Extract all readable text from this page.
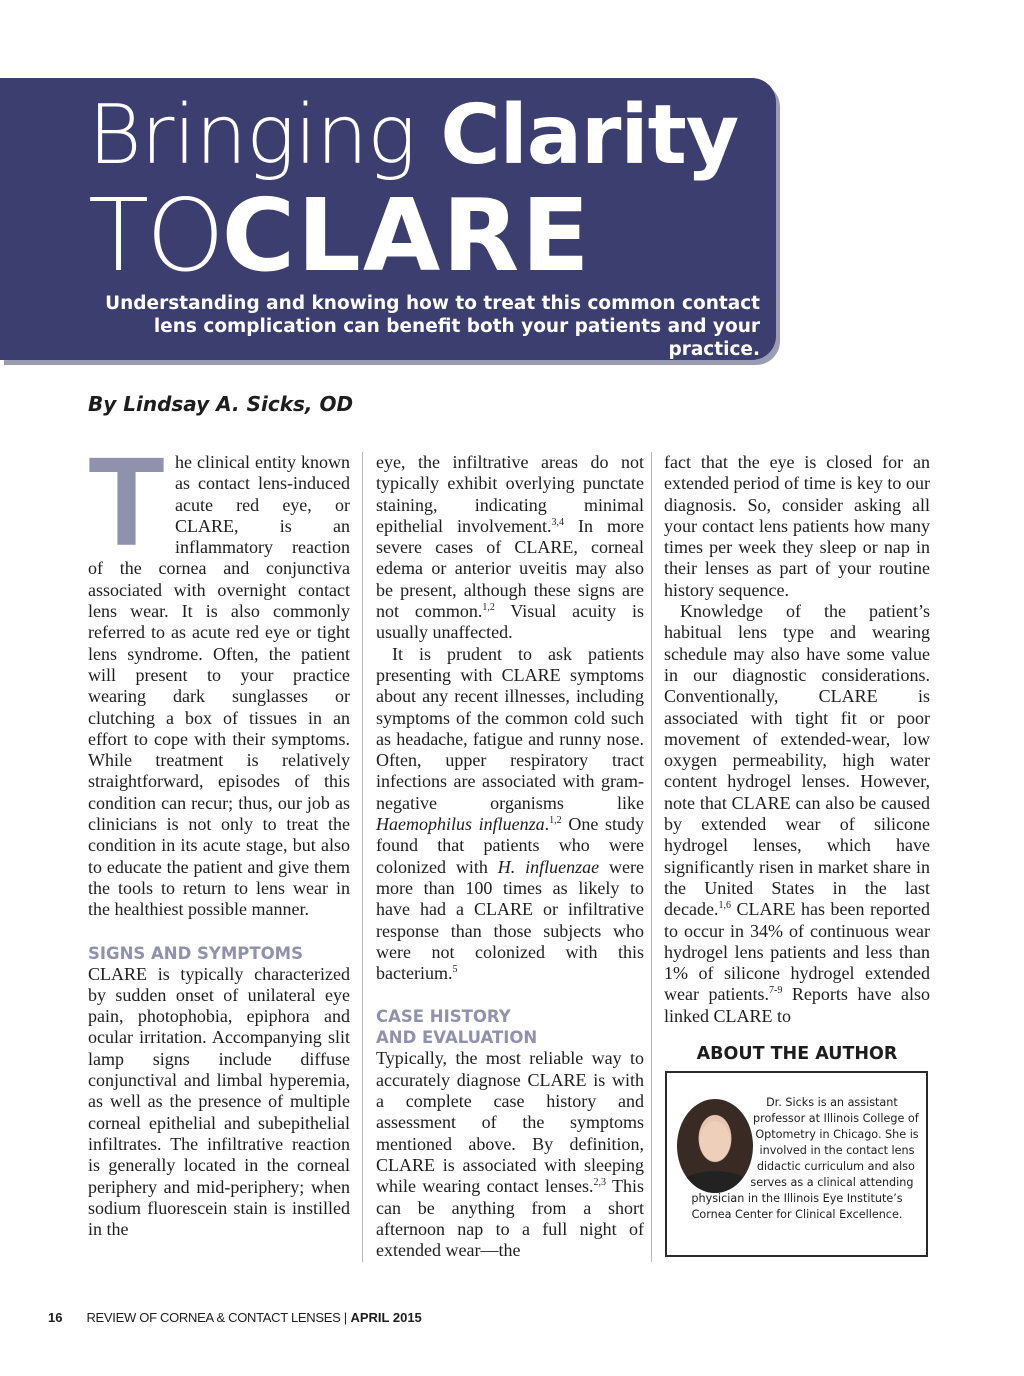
Bringing Clarity
TOCLARE
Understanding and knowing how to treat this common contact lens complication can benefit both your patients and your practice.
By Lindsay A. Sicks, OD

The clinical entity known as contact lens-induced acute red eye, or CLARE, is an inflammatory reaction of the cornea and conjunctiva associated with overnight contact lens wear. It is also commonly referred to as acute red eye or tight lens syndrome. Often, the patient will present to your practice wearing dark sunglasses or clutching a box of tissues in an effort to cope with their symptoms. While treatment is relatively straightforward, episodes of this condition can recur; thus, our job as clinicians is not only to treat the condition in its acute stage, but also to educate the patient and give them the tools to return to lens wear in the healthiest possible manner.

SIGNS AND SYMPTOMS

CLARE is typically characterized by sudden onset of unilateral eye pain, photophobia, epiphora and ocular irritation. Accompanying slit lamp signs include diffuse conjunctival and limbal hyperemia, as well as the presence of multiple corneal epithelial and subepithelial infiltrates. The infiltrative reaction is generally located in the corneal periphery and mid-periphery; when sodium fluorescein stain is instilled in the

eye, the infiltrative areas do not typically exhibit overlying punctate staining, indicating minimal epithelial involvement.$^{3,4}$ In more severe cases of CLARE, corneal edema or anterior uveitis may also be present, although these signs are not common.$^{1,2}$ Visual acuity is usually unaffected.

It is prudent to ask patients presenting with CLARE symptoms about any recent illnesses, including symptoms of the common cold such as headache, fatigue and runny nose. Often, upper respiratory tract infections are associated with gram-negative organisms like Haemophilus influenza.$^{1,2}$ One study found that patients who were colonized with H. influenzae were more than 100 times as likely to have had a CLARE or infiltrative response than those subjects who were not colonized with this bacterium.$^5$

CASE HISTORY
AND EVALUATION

Typically, the most reliable way to accurately diagnose CLARE is with a complete case history and assessment of the symptoms mentioned above. By definition, CLARE is associated with sleeping while wearing contact lenses.$^{2,3}$ This can be anything from a short afternoon nap to a full night of extended wear—the

fact that the eye is closed for an extended period of time is key to our diagnosis. So, consider asking all your contact lens patients how many times per week they sleep or nap in their lenses as part of your routine history sequence.

Knowledge of the patient’s habitual lens type and wearing schedule may also have some value in our diagnostic considerations. Conventionally, CLARE is associated with tight fit or poor movement of extended-wear, low oxygen permeability, high water content hydrogel lenses. However, note that CLARE can also be caused by extended wear of silicone hydrogel lenses, which have significantly risen in market share in the United States in the last decade.$^{1,6}$ CLARE has been reported to occur in 34% of continuous wear hydrogel lens patients and less than 1% of silicone hydrogel extended wear patients.$^{7-9}$ Reports have also linked CLARE to

ABOUT THE AUTHOR
Dr. Sicks is an assistant professor at Illinois College of Optometry in Chicago. She is involved in the contact lens didactic curriculum and also serves as a clinical attending physician in the Illinois Eye Institute’s Cornea Center for Clinical Excellence.
16 REVIEW OF CORNEA & CONTACT LENSES | APRIL 2015
